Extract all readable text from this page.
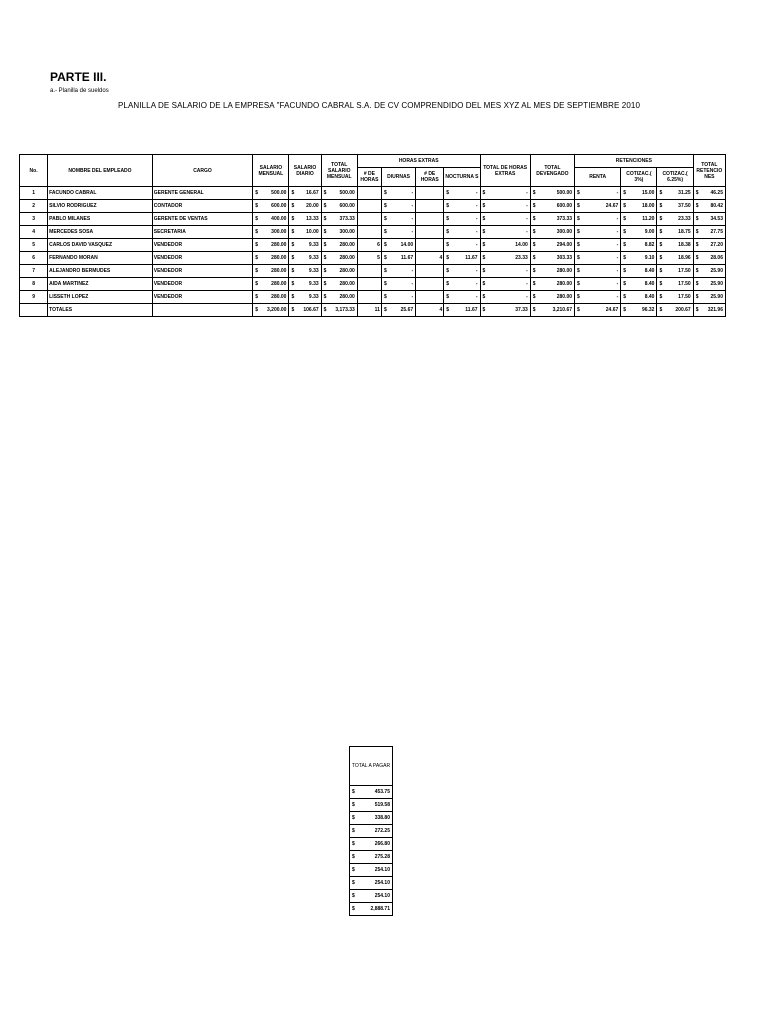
PARTE III.
a.- Planilla de sueldos
PLANILLA DE SALARIO DE LA EMPRESA "FACUNDO CABRAL S.A. DE CV COMPRENDIDO DEL MES XYZ AL MES DE SEPTIEMBRE 2010
No.	NOMBRE DEL EMPLEADO	CARGO	SALARIO MENSUAL	SALARIO DIARIO	TOTAL SALARIO MENSUAL	HORAS EXTRAS				TOTAL DE HORAS EXTRAS	TOTAL DEVENGADO	RETENCIONES			TOTAL RETENCIO NES
						# DE HORAS	DIURNAS	# DE HORAS	NOCTURNA S			RENTA	COTIZAC.( 3%)	COTIZAC.( 6.25%)	
1	FACUNDO CABRAL	GERENTE GENERAL	$ 500.00	$ 16.67	$ 500.00		$ -		$ -	$ -	$ 500.00	$ -	$ 15.00	$ 31.25	$ 46.25

2	SILVIO RODRIGUEZ	CONTADOR	$ 600.00	$ 20.00	$ 600.00		$ -		$ -	$ -	$ 600.00	$ 24.67	$ 18.00	$ 37.50	$ 80.42

3	PABLO MILANES	GERENTE DE VENTAS	$ 400.00	$ 13.33	$ 373.33		$ -		$ -	$ -	$ 373.33	$ -	$ 11.20	$ 23.33	$ 34.53

4	MERCEDES SOSA	SECRETARIA	$ 300.00	$ 10.00	$ 300.00		$ -		$ -	$ -	$ 300.00	$ -	$ 9.00	$ 18.75	$ 27.75

5	CARLOS DAVID VASQUEZ	VENDEDOR	$ 280.00	$ 9.33	$ 280.00	6	$ 14.00		$ -	$ 14.00	$ 294.00	$ -	$ 8.82	$ 18.38	$ 27.20

6	FERNANDO MORAN	VENDEDOR	$ 280.00	$ 9.33	$ 280.00	5	$ 11.67	4	$ 11.67	$ 23.33	$ 303.33	$ -	$ 9.10	$ 18.96	$ 28.06

7	ALEJANDRO BERMUDES	VENDEDOR	$ 280.00	$ 9.33	$ 280.00		$ -		$ -	$ -	$ 280.00	$ -	$ 8.40	$ 17.50	$ 25.90

8	AIDA MARTINEZ	VENDEDOR	$ 280.00	$ 9.33	$ 280.00		$ -		$ -	$ -	$ 280.00	$ -	$ 8.40	$ 17.50	$ 25.90

9	LISSETH LOPEZ	VENDEDOR	$ 280.00	$ 9.33	$ 280.00		$ -		$ -	$ -	$ 280.00	$ -	$ 8.40	$ 17.50	$ 25.90

	TOTALES		$ 3,200.00	$ 106.67	$ 3,173.33	11	$ 25.67	4	$ 11.67	$ 37.33	$ 3,210.67	$ 24.67	$ 96.32	$ 200.67	$ 321.96
TOTAL A PAGAR

$	453.75

$	519.58

$	338.80

$	272.25

$	266.80

$	275.28

$	254.10

$	254.10

$	254.10

$	2,888.71
